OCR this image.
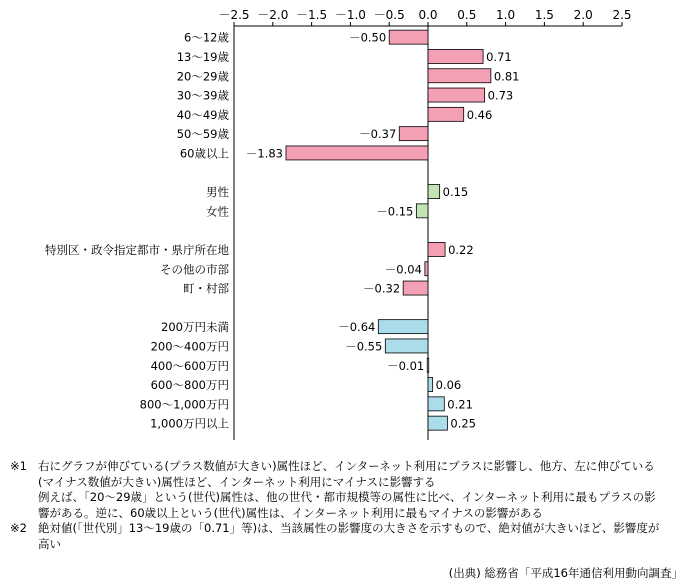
－2.5 －2.0 －1.5 －1.0 －0.5 0.0 0.5 1.0 1.5 2.0 2.5
6～12歳
13～19歳
20～29歳
30～39歳
40～49歳
50～59歳
60歳以上
男性
女性
特別区・政令指定都市・県庁所在地
その他の市部
町・村部
200万円未満
200～400万円
400～600万円
600～800万円
800～1,000万円
1,000万円以上
－0.50
0.71
0.81
0.73
0.46
－0.37
－1.83
0.15
－0.15
0.22
－0.04
－0.32
－0.64
－0.55
－0.01
0.06
0.21
0.25
※1 右にグラフが伸びている(プラス数値が大きい)属性ほど、インターネット利用にプラスに影響し、他方、左に伸びている
(マイナス数値が大きい)属性ほど、インターネット利用にマイナスに影響する
例えば、「20～29歳」という(世代)属性は、他の世代・都市規模等の属性に比べ、インターネット利用に最もプラスの影
響がある。逆に、60歳以上という(世代)属性は、インターネット利用に最もマイナスの影響がある
※2 絶対値(「世代別」13～19歳の「0.71」等)は、当該属性の影響度の大きさを示すもので、絶対値が大きいほど、影響度が
高い
(出典) 総務省「平成16年通信利用動向調査」
